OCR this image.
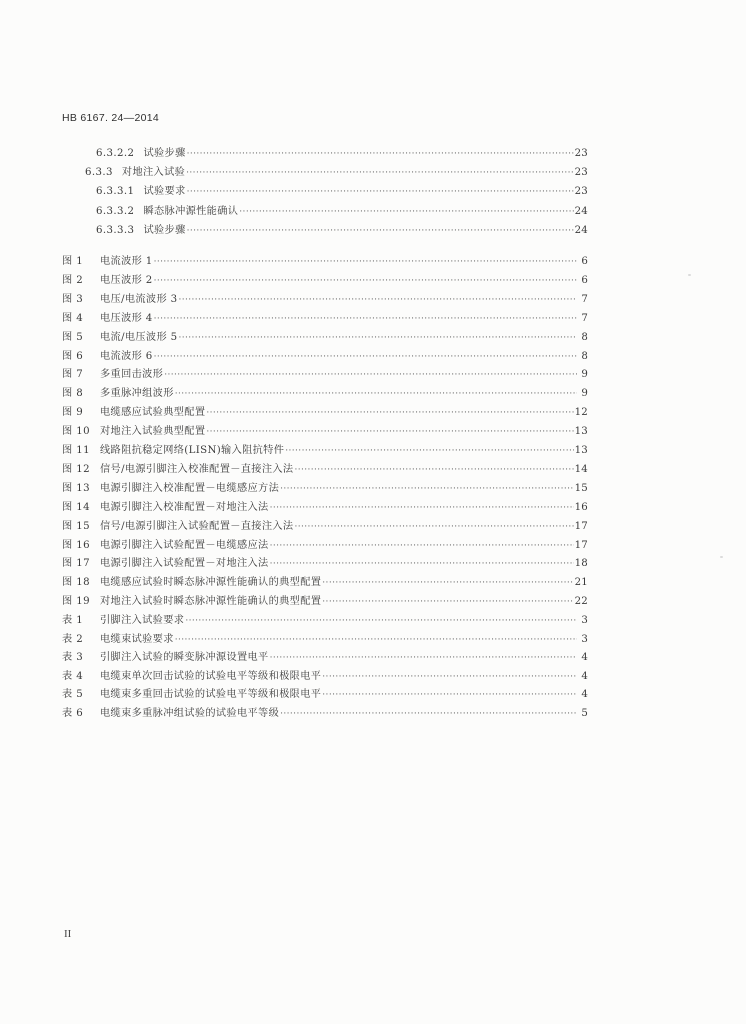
HB 6167. 24—2014
6.3.2.2 试验步骤 ·····	23
6.3.3 对地注入试验 ·····	23
6.3.3.1 试验要求 ·····	23
6.3.3.2 瞬态脉冲源性能确认 ·····	24
6.3.3.3 试验步骤 ·····	24
图 1 电流波形 1 ·····	6
图 2 电压波形 2 ·····	6
图 3 电压/电流波形 3 ·····	7
图 4 电压波形 4 ·····	7
图 5 电流/电压波形 5 ·····	8
图 6 电流波形 6 ·····	8
图 7 多重回击波形 ·····	9
图 8 多重脉冲组波形 ·····	9
图 9 电缆感应试验典型配置 ·····	12
图 10 对地注入试验典型配置 ·····	13
图 11 线路阻抗稳定网络(LISN)输入阻抗特件 ·····	13
图 12 信号/电源引脚注入校准配置－直接注入法 ·····	14
图 13 电源引脚注入校准配置－电缆感应方法 ·····	15
图 14 电源引脚注入校准配置－对地注入法 ·····	16
图 15 信号/电源引脚注入试验配置－直接注入法 ·····	17
图 16 电源引脚注入试验配置－电缆感应法 ·····	17
图 17 电源引脚注入试验配置－对地注入法 ·····	18
图 18 电缆感应试验时瞬态脉冲源性能确认的典型配置 ·····	21
图 19 对地注入试验时瞬态脉冲源性能确认的典型配置 ·····	22
表 1 引脚注入试验要求 ·····	3
表 2 电缆束试验要求 ·····	3
表 3 引脚注入试验的瞬变脉冲源设置电平 ·····	4
表 4 电缆束单次回击试验的试验电平等级和极限电平 ·····	4
表 5 电缆束多重回击试验的试验电平等级和极限电平 ·····	4
表 6 电缆束多重脉冲组试验的试验电平等级 ·····	5
II
